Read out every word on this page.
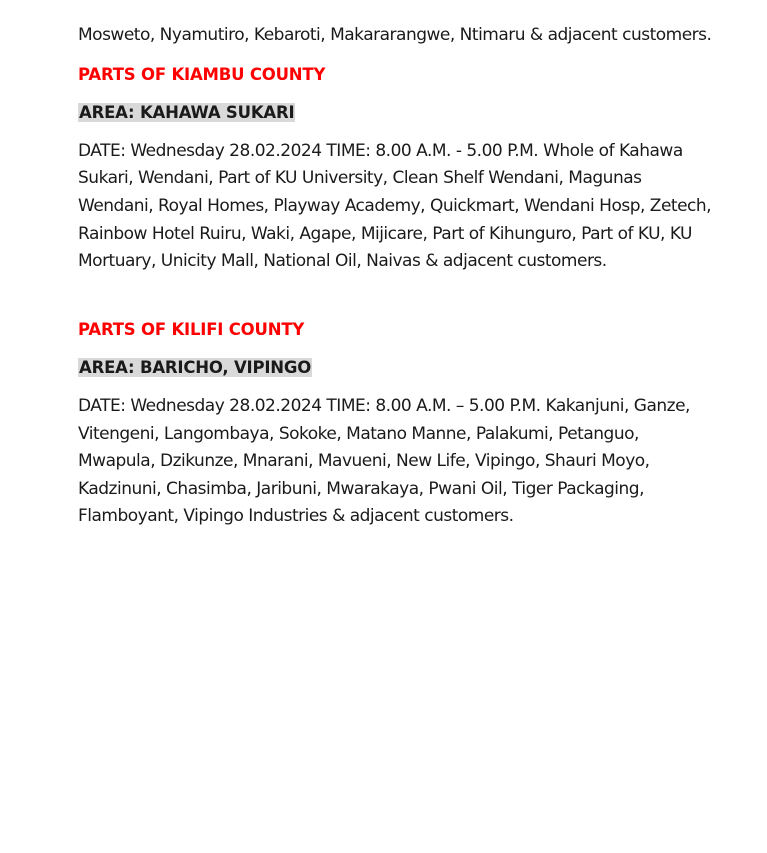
Mosweto, Nyamutiro, Kebaroti, Makararangwe, Ntimaru & adjacent customers.

PARTS OF KIAMBU COUNTY

AREA: KAHAWA SUKARI

DATE: Wednesday 28.02.2024 TIME: 8.00 A.M. - 5.00 P.M. Whole of Kahawa Sukari, Wendani, Part of KU University, Clean Shelf Wendani, Magunas Wendani, Royal Homes, Playway Academy, Quickmart, Wendani Hosp, Zetech, Rainbow Hotel Ruiru, Waki, Agape, Mijicare, Part of Kihunguro, Part of KU, KU Mortuary, Unicity Mall, National Oil, Naivas & adjacent customers.

PARTS OF KILIFI COUNTY

AREA: BARICHO, VIPINGO

DATE: Wednesday 28.02.2024 TIME: 8.00 A.M. – 5.00 P.M. Kakanjuni, Ganze, Vitengeni, Langombaya, Sokoke, Matano Manne, Palakumi, Petanguo, Mwapula, Dzikunze, Mnarani, Mavueni, New Life, Vipingo, Shauri Moyo, Kadzinuni, Chasimba, Jaribuni, Mwarakaya, Pwani Oil, Tiger Packaging, Flamboyant, Vipingo Industries & adjacent customers.
